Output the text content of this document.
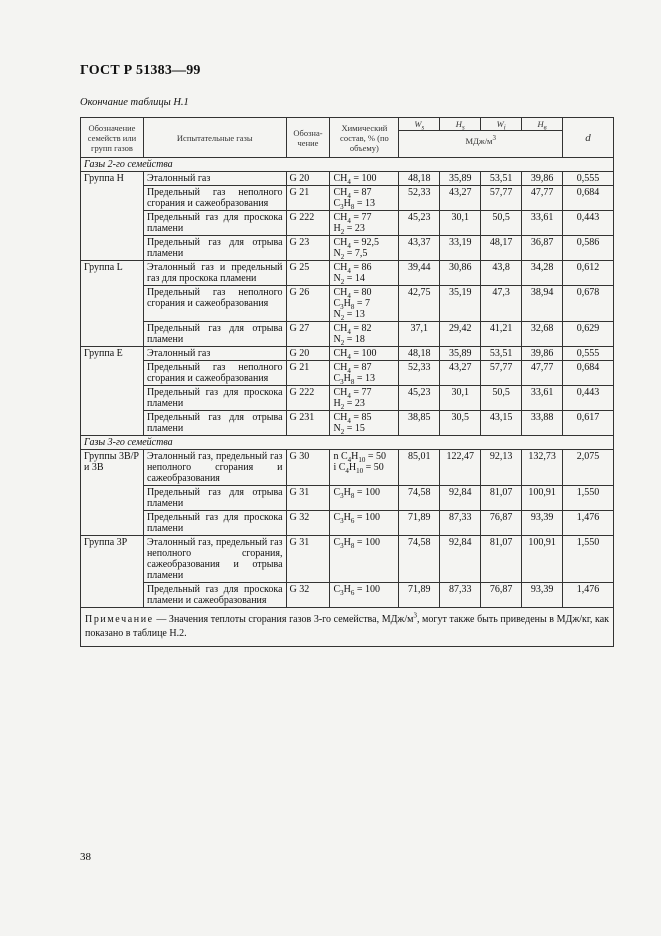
ГОСТ Р 51383—99
Окончание таблицы Н.1
Обозначение семейств или групп газов	Испытательные газы	Обозна-чение	Химический состав, % (по объему)	$W_s$	$H_s$	$W_i$	$H_в$	d
				МДж/$м^3$
Газы 2-го семейства								
Группа H	Эталонный газ	G 20	$CH_4 = 100$	48,18	35,89	53,51	39,86	0,555
	Предельный газ неполного сгорания и сажеобразования	G 21	$CH_4 = 87$
$C_3H_8 = 13$	52,33	43,27	57,77	47,77	0,684
	Предельный газ для проскока пламени	G 222	$CH_4 = 77$
$H_2 = 23$	45,23	30,1	50,5	33,61	0,443
	Предельный газ для отрыва пламени	G 23	$CH_4 = 92,5$
$N_2 = 7,5$	43,37	33,19	48,17	36,87	0,586
Группа L	Эталонный газ и предельный газ для проскока пламени	G 25	$CH_4 = 86$
$N_2 = 14$	39,44	30,86	43,8	34,28	0,612
	Предельный газ неполного сгорания и сажеобразования	G 26	$CH_4 = 80$
$C_3H_8 = 7$
$N_2 = 13$	42,75	35,19	47,3	38,94	0,678
	Предельный газ для отрыва пламени	G 27	$CH_4 = 82$
$N_2 = 18$	37,1	29,42	41,21	32,68	0,629
Группа E	Эталонный газ	G 20	$CH_4 = 100$	48,18	35,89	53,51	39,86	0,555
	Предельный газ неполного сгорания и сажеобразования	G 21	$CH_4 = 87$
$C_3H_8 = 13$	52,33	43,27	57,77	47,77	0,684
	Предельный газ для проскока пламени	G 222	$CH_4 = 77$
$H_2 = 23$	45,23	30,1	50,5	33,61	0,443
	Предельный газ для отрыва пламени	G 231	$CH_4 = 85$
$N_2 = 15$	38,85	30,5	43,15	33,88	0,617
Газы 3-го семейства								
Группы 3B/P и 3B	Эталонный газ, предельный газ неполного сгорания и сажеобразования	G 30	n $C_4H_{10} = 50$
i $C_4H_{10} = 50$	85,01	122,47	92,13	132,73	2,075
	Предельный газ для отрыва пламени	G 31	$C_3H_8 = 100$	74,58	92,84	81,07	100,91	1,550
	Предельный газ для проскока пламени	G 32	$C_3H_6 = 100$	71,89	87,33	76,87	93,39	1,476
Группа 3P	Эталонный газ, предельный газ неполного сгорания, сажеобразования и отрыва пламени	G 31	$C_3H_8 = 100$	74,58	92,84	81,07	100,91	1,550
	Предельный газ для проскока пламени и сажеобразования	G 32	$C_3H_6 = 100$	71,89	87,33	76,87	93,39	1,476
Примечание — Значения теплоты сгорания газов 3-го семейства, МДж/$м^3$, могут также быть приведены в МДж/кг, как показано в таблице Н.2.								
38
